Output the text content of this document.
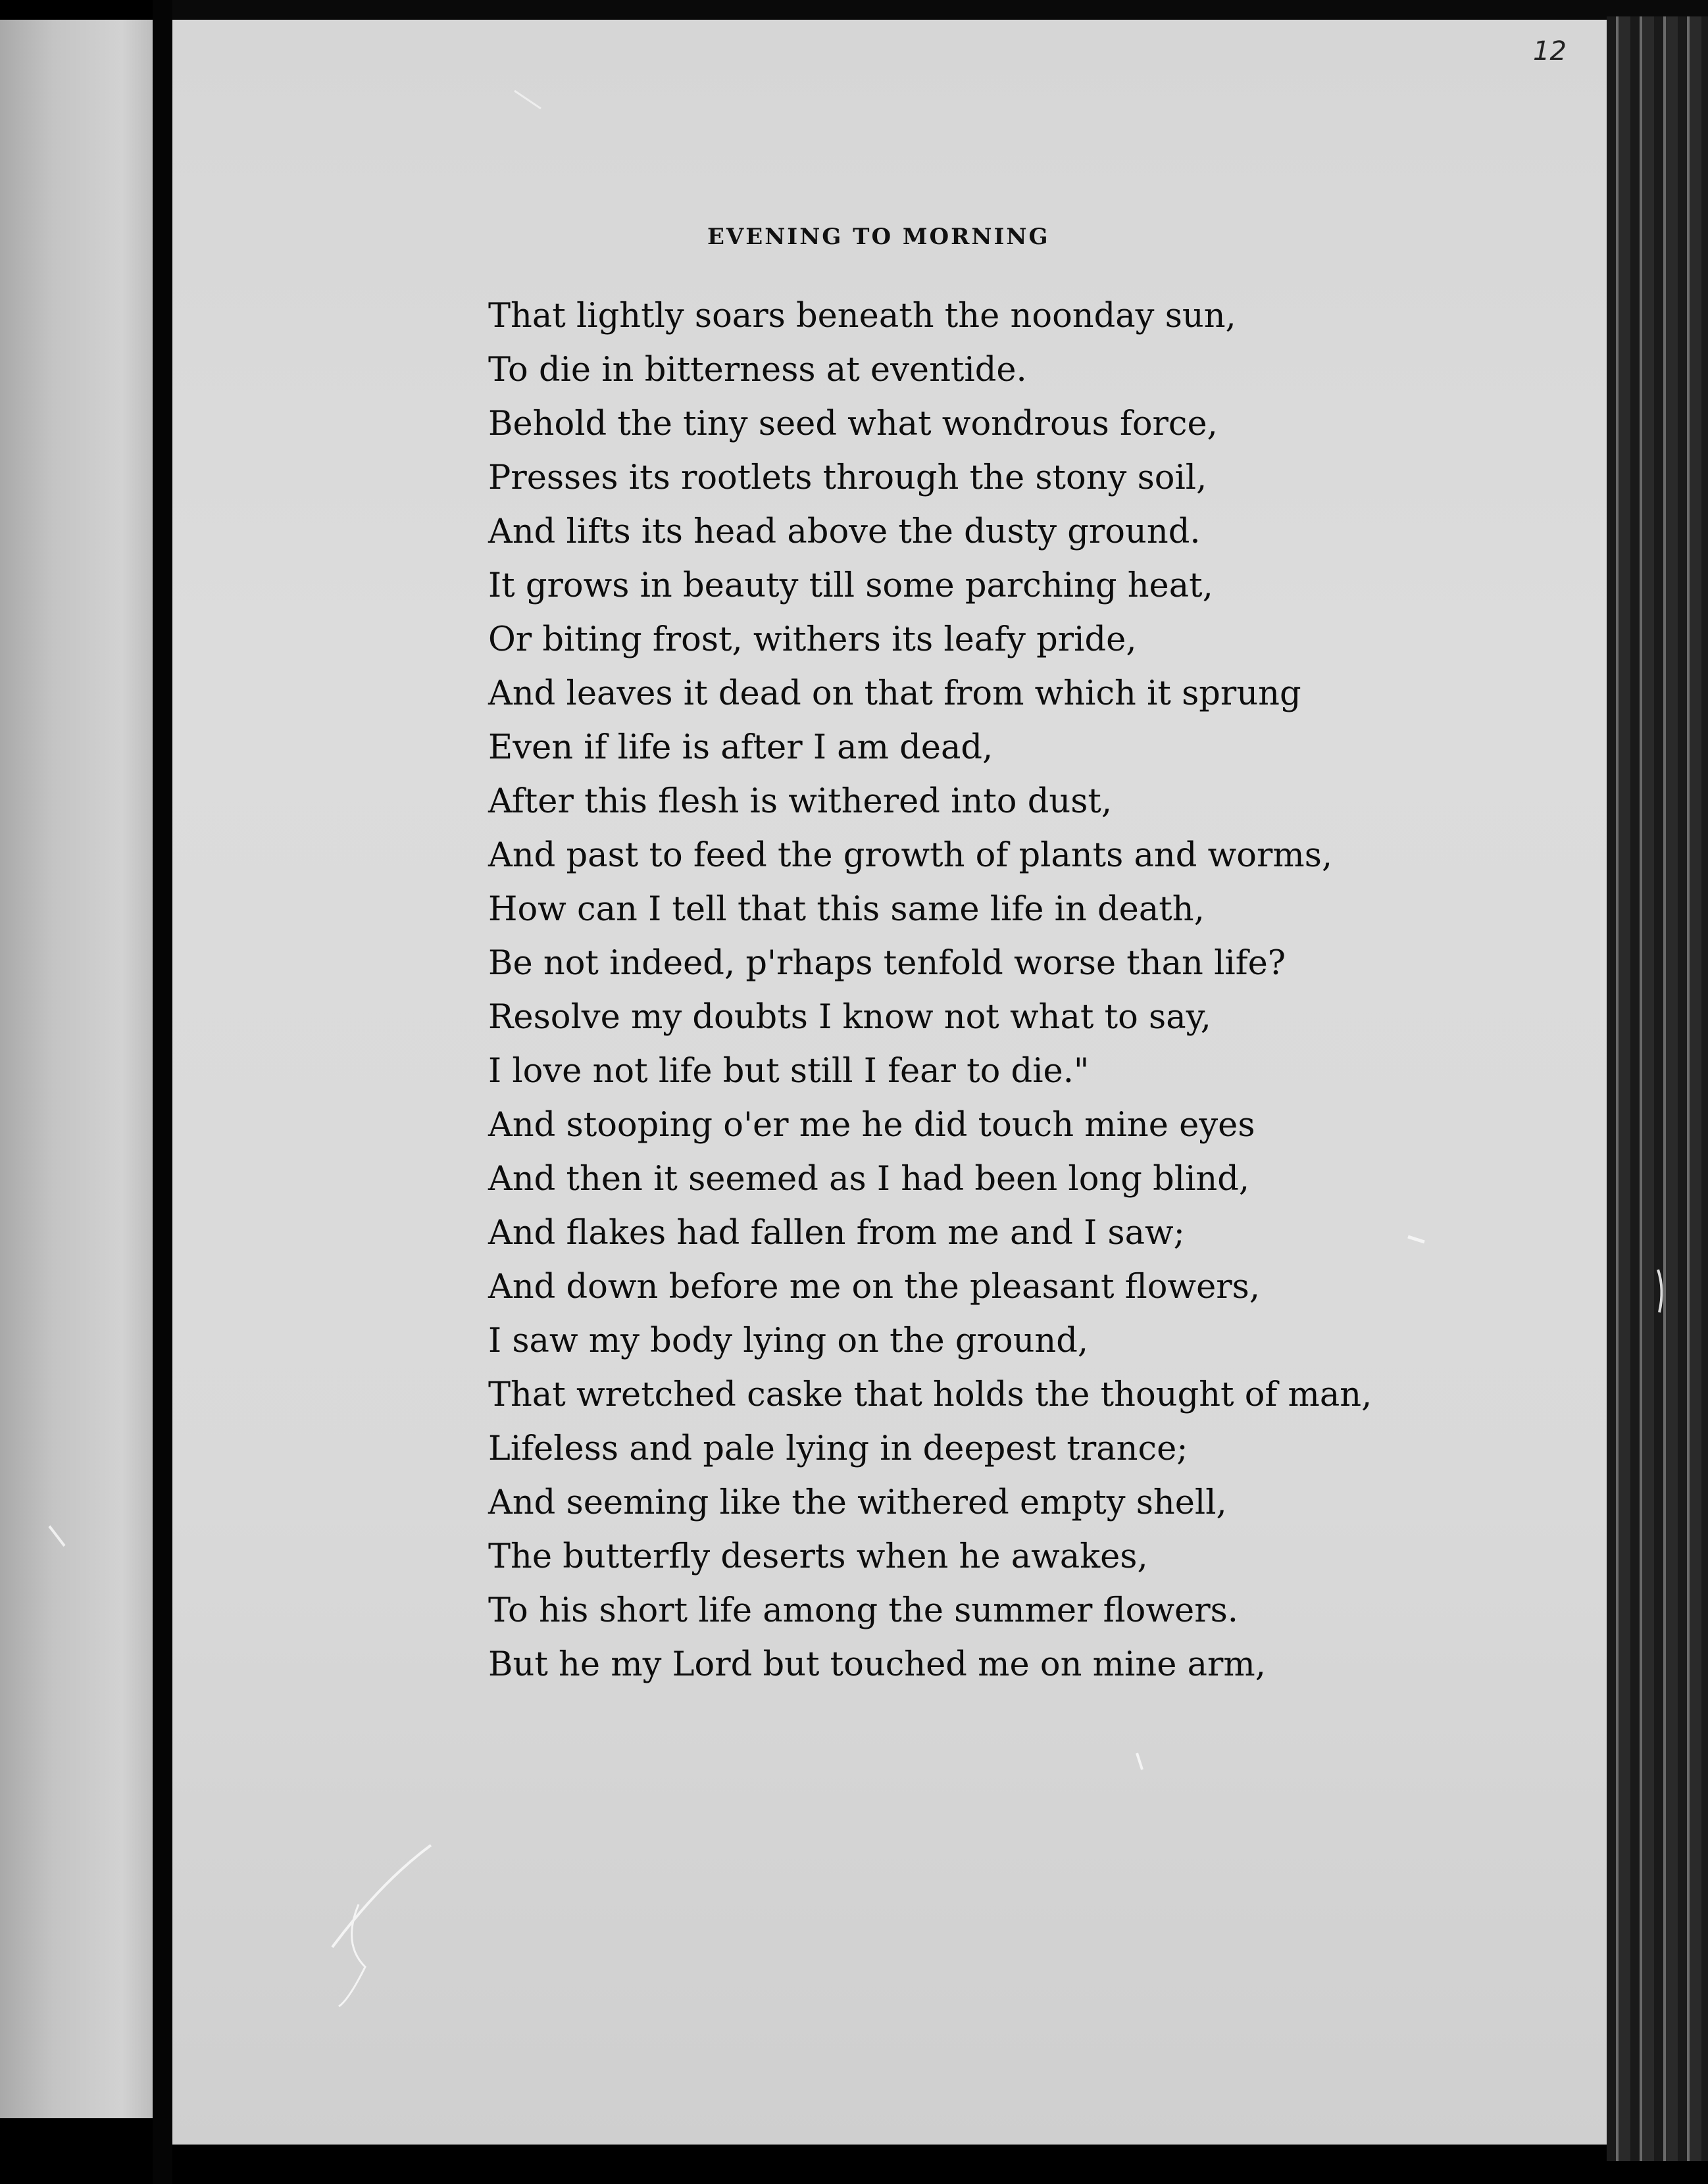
12
EVENING TO MORNING
That lightly soars beneath the noonday sun,
To die in bitterness at eventide.
Behold the tiny seed what wondrous force,
Presses its rootlets through the stony soil,
And lifts its head above the dusty ground.
It grows in beauty till some parching heat,
Or biting frost, withers its leafy pride,
And leaves it dead on that from which it sprung
Even if life is after I am dead,
After this flesh is withered into dust,
And past to feed the growth of plants and worms,
How can I tell that this same life in death,
Be not indeed, p'rhaps tenfold worse than life?
Resolve my doubts I know not what to say,
I love not life but still I fear to die."
And stooping o'er me he did touch mine eyes
And then it seemed as I had been long blind,
And flakes had fallen from me and I saw;
And down before me on the pleasant flowers,
I saw my body lying on the ground,
That wretched caske that holds the thought of man,
Lifeless and pale lying in deepest trance;
And seeming like the withered empty shell,
The butterfly deserts when he awakes,
To his short life among the summer flowers.
But he my Lord but touched me on mine arm,
